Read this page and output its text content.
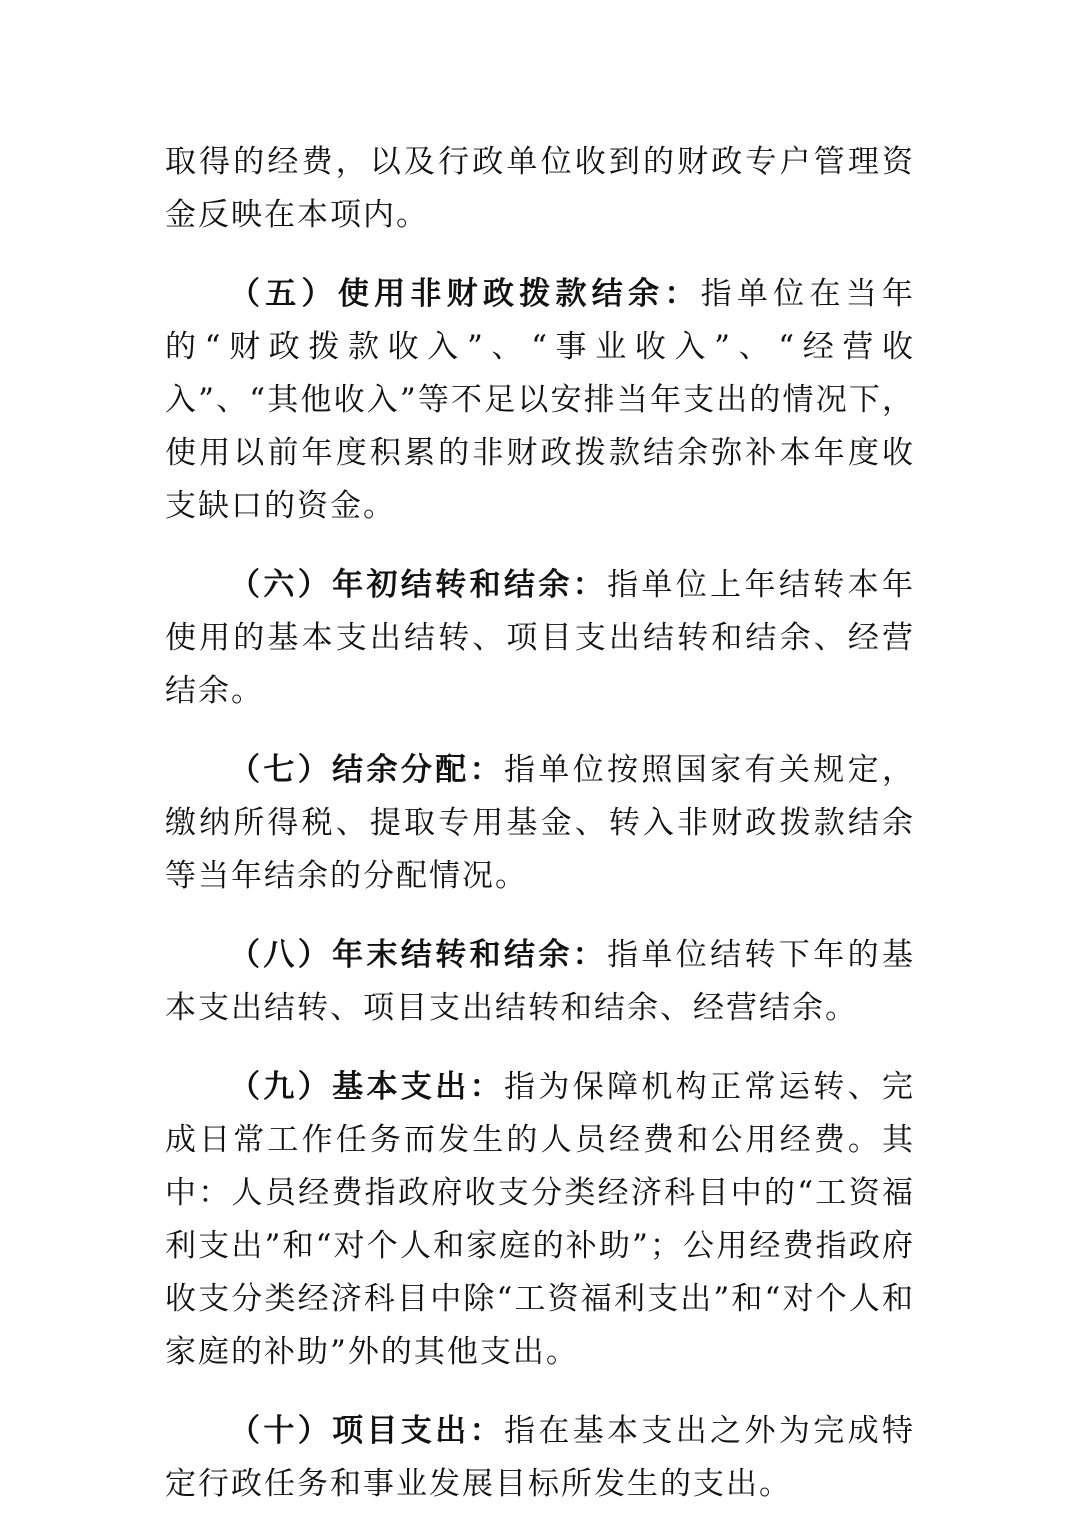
取得的经费，以及行政单位收到的财政专户管理资金反映在本项内。

（五）使用非财政拨款结余：指单位在当年的“财政拨款收入”、“事业收入”、“经营收入”、“其他收入”等不足以安排当年支出的情况下，使用以前年度积累的非财政拨款结余弥补本年度收支缺口的资金。

（六）年初结转和结余：指单位上年结转本年使用的基本支出结转、项目支出结转和结余、经营结余。

（七）结余分配：指单位按照国家有关规定，缴纳所得税、提取专用基金、转入非财政拨款结余等当年结余的分配情况。

（八）年末结转和结余：指单位结转下年的基本支出结转、项目支出结转和结余、经营结余。

（九）基本支出：指为保障机构正常运转、完成日常工作任务而发生的人员经费和公用经费。其中：人员经费指政府收支分类经济科目中的“工资福利支出”和“对个人和家庭的补助”；公用经费指政府收支分类经济科目中除“工资福利支出”和“对个人和家庭的补助”外的其他支出。

（十）项目支出：指在基本支出之外为完成特定行政任务和事业发展目标所发生的支出。
